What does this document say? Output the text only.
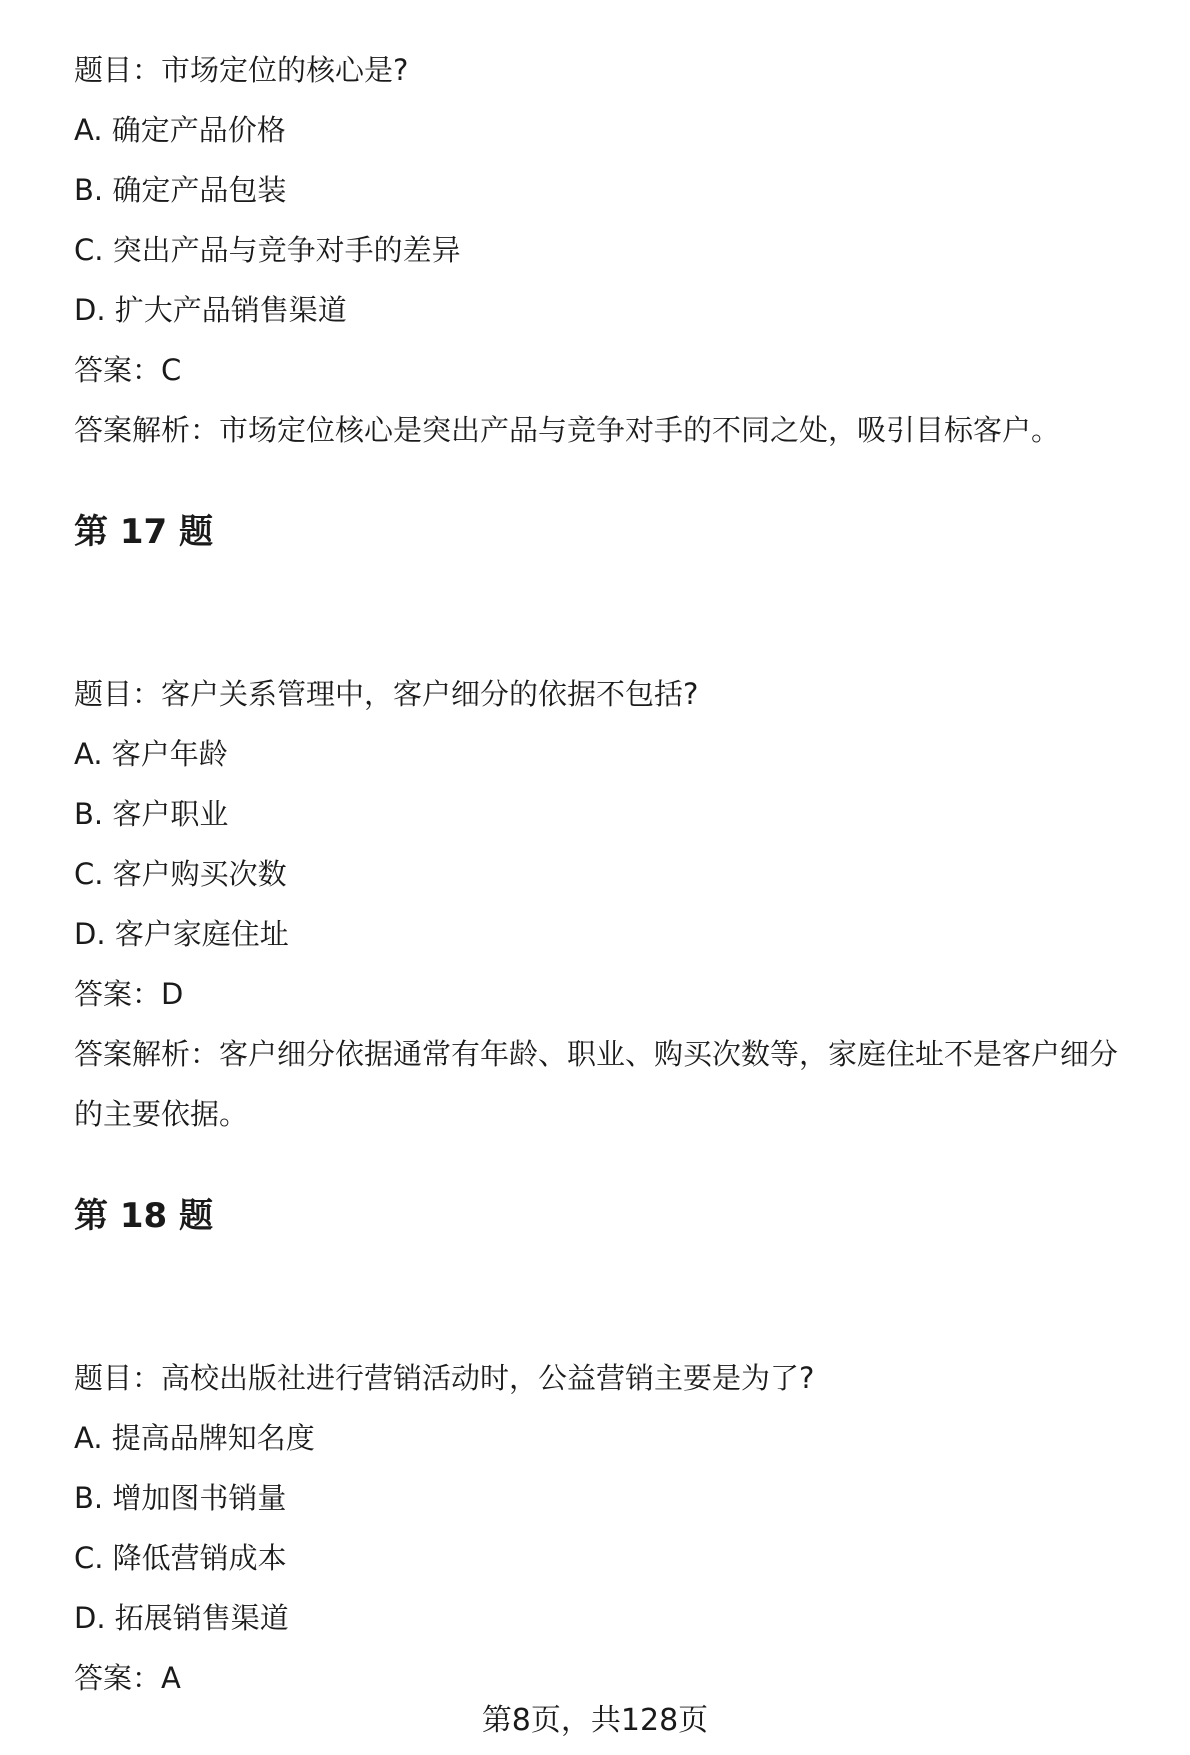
题目：市场定位的核心是?
A. 确定产品价格
B. 确定产品包装
C. 突出产品与竞争对手的差异
D. 扩大产品销售渠道
答案：C
答案解析：市场定位核心是突出产品与竞争对手的不同之处，吸引目标客户。
第 17 题
题目：客户关系管理中，客户细分的依据不包括?
A. 客户年龄
B. 客户职业
C. 客户购买次数
D. 客户家庭住址
答案：D
答案解析：客户细分依据通常有年龄、职业、购买次数等，家庭住址不是客户细分
的主要依据。
第 18 题
题目：高校出版社进行营销活动时，公益营销主要是为了?
A. 提高品牌知名度
B. 增加图书销量
C. 降低营销成本
D. 拓展销售渠道
答案：A
第8页，共128页
